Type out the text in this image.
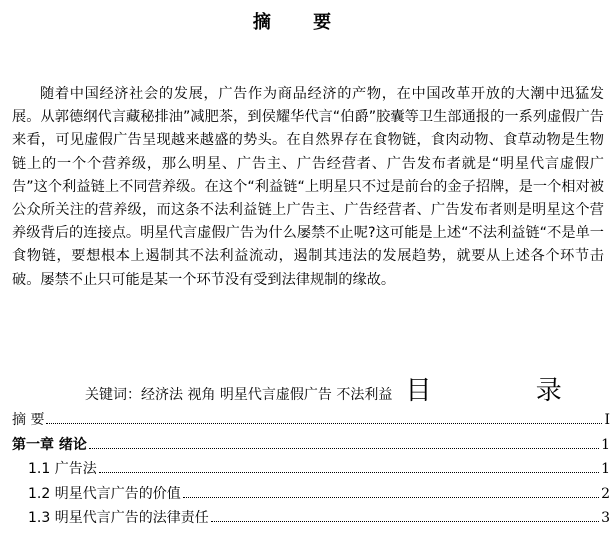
摘 要

随着中国经济社会的发展，广告作为商品经济的产物，在中国改革开放的大潮中迅猛发展。从郭德纲代言藏秘排油”减肥茶，到侯耀华代言“伯爵”胶囊等卫生部通报的一系列虚假广告来看，可见虚假广告呈现越来越盛的势头。在自然界存在食物链，食肉动物、食草动物是生物链上的一个个营养级，那么明星、广告主、广告经营者、广告发布者就是“明星代言虚假广告”这个利益链上不同营养级。在这个“利益链“上明星只不过是前台的金子招牌，是一个相对被公众所关注的营养级，而这条不法利益链上广告主、广告经营者、广告发布者则是明星这个营养级背后的连接点。明星代言虚假广告为什么屡禁不止呢?这可能是上述“不法利益链“不是单一食物链，要想根本上遏制其不法利益流动，遏制其违法的发展趋势，就要从上述各个环节击破。屡禁不止只可能是某一个环节没有受到法律规制的缘故。

关键词：经济法 视角 明星代言虚假广告 不法利益 目 录
摘 要	I
第一章 绪论	1
1.1 广告法	1
1.2 明星代言广告的价值	2
1.3 明星代言广告的法律责任	3
